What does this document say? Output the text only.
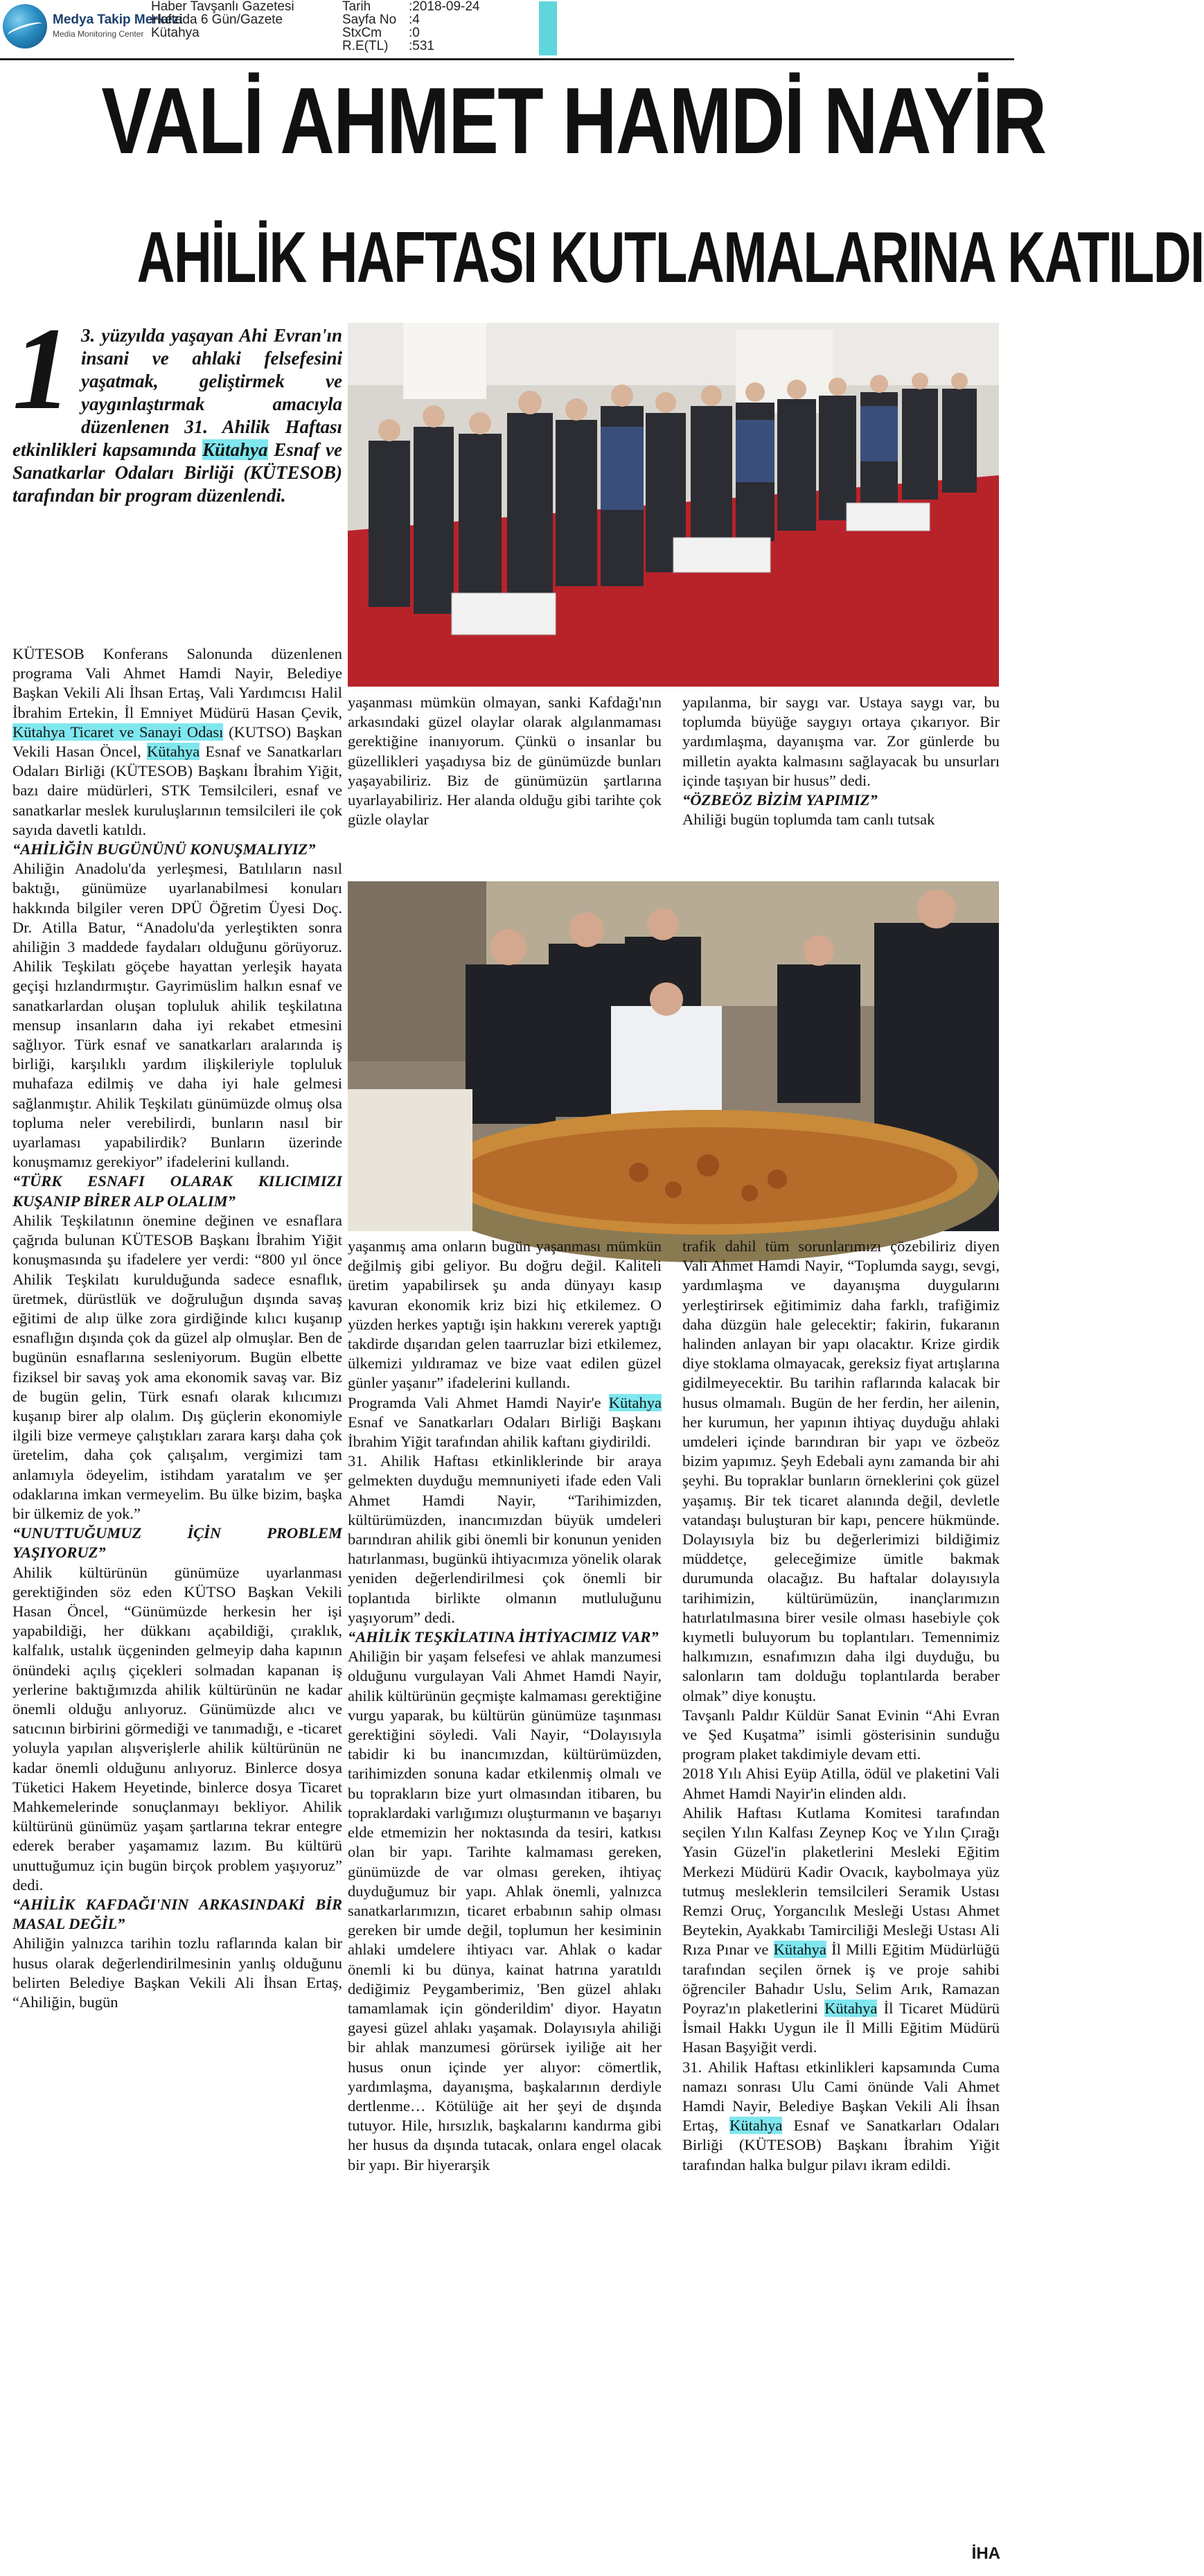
Medya Takip Merkezi
Media Monitoring Center
Haber Tavşanlı Gazetesi
Haftada 6 Gün/Gazete
Kütahya
Tarih	:2018-09-24
Sayfa No :4
StxCm :0
R.E(TL) :531
VALİ AHMET HAMDİ NAYİR
AHİLİK HAFTASI KUTLAMALARINA KATILDI
1 3. yüzyılda yaşayan Ahi Evran'ın insani ve ahlaki felsefesini yaşatmak, geliştirmek ve yaygınlaştırmak amacıyla düzenlenen 31. Ahilik Haftası etkinlikleri kapsamında Kütahya Esnaf ve Sanatkarlar Odaları Birliği (KÜTESOB) tarafından bir program düzenlendi.

KÜTESOB Konferans Salonunda düzenlenen programa Vali Ahmet Hamdi Nayir, Belediye Başkan Vekili Ali İhsan Ertaş, Vali Yardımcısı Halil İbrahim Ertekin, İl Emniyet Müdürü Hasan Çevik, Kütahya Ticaret ve Sanayi Odası (KUTSO) Başkan Vekili Hasan Öncel, Kütahya Esnaf ve Sanatkarları Odaları Birliği (KÜTESOB) Başkanı İbrahim Yiğit, bazı daire müdürleri, STK Temsilcileri, esnaf ve sanatkarlar meslek kuruluşlarının temsilcileri ile çok sayıda davetli katıldı.

“AHİLİĞİN BUGÜNÜNÜ KONUŞMALIYIZ”

Ahiliğin Anadolu'da yerleşmesi, Batılıların nasıl baktığı, günümüze uyarlanabilmesi konuları hakkında bilgiler veren DPÜ Öğretim Üyesi Doç. Dr. Atilla Batur, “Anadolu'da yerleştikten sonra ahiliğin 3 maddede faydaları olduğunu görüyoruz. Ahilik Teşkilatı göçebe hayattan yerleşik hayata geçişi hızlandırmıştır. Gayrimüslim halkın esnaf ve sanatkarlardan oluşan topluluk ahilik teşkilatına mensup insanların daha iyi rekabet etmesini sağlıyor. Türk esnaf ve sanatkarları aralarında iş birliği, karşılıklı yardım ilişkileriyle topluluk muhafaza edilmiş ve daha iyi hale gelmesi sağlanmıştır. Ahilik Teşkilatı günümüzde olmuş olsa topluma neler verebilirdi, bunların nasıl bir uyarlaması yapabilirdik? Bunların üzerinde konuşmamız gerekiyor” ifadelerini kullandı.

“TÜRK ESNAFI OLARAK KILICIMIZI KUŞANIP BİRER ALP OLALIM”

Ahilik Teşkilatının önemine değinen ve esnaflara çağrıda bulunan KÜTESOB Başkanı İbrahim Yiğit konuşmasında şu ifadelere yer verdi: “800 yıl önce Ahilik Teşkilatı kurulduğunda sadece esnaflık, üretmek, dürüstlük ve doğruluğun dışında savaş eğitimi de alıp ülke zora girdiğinde kılıcı kuşanıp esnaflığın dışında çok da güzel alp olmuşlar. Ben de bugünün esnaflarına sesleniyorum. Bugün elbette fiziksel bir savaş yok ama ekonomik savaş var. Biz de bugün gelin, Türk esnafı olarak kılıcımızı kuşanıp birer alp olalım. Dış güçlerin ekonomiyle ilgili bize vermeye çalıştıkları zarara karşı daha çok üretelim, daha çok çalışalım, vergimizi tam anlamıyla ödeyelim, istihdam yaratalım ve şer odaklarına imkan vermeyelim. Bu ülke bizim, başka bir ülkemiz de yok.”

“UNUTTUĞUMUZ İÇİN PROBLEM YAŞIYORUZ”

Ahilik kültürünün günümüze uyarlanması gerektiğinden söz eden KÜTSO Başkan Vekili Hasan Öncel, “Günümüzde herkesin her işi yapabildiği, her dükkanı açabildiği, çıraklık, kalfalık, ustalık üçgeninden gelmeyip daha kapının önündeki açılış çiçekleri solmadan kapanan iş yerlerine baktığımızda ahilik kültürünün ne kadar önemli olduğu anlıyoruz. Günümüzde alıcı ve satıcının birbirini görmediği ve tanımadığı, e -ticaret yoluyla yapılan alışverişlerle ahilik kültürünün ne kadar önemli olduğunu anlıyoruz. Binlerce dosya Tüketici Hakem Heyetinde, binlerce dosya Ticaret Mahkemelerinde sonuçlanmayı bekliyor. Ahilik kültürünü günümüz yaşam şartlarına tekrar entegre ederek beraber yaşamamız lazım. Bu kültürü unuttuğumuz için bugün birçok problem yaşıyoruz” dedi.

“AHİLİK KAFDAĞI'NIN ARKASINDAKİ BİR MASAL DEĞİL”

Ahiliğin yalnızca tarihin tozlu raflarında kalan bir husus olarak değerlendirilmesinin yanlış olduğunu belirten Belediye Başkan Vekili Ali İhsan Ertaş, “Ahiliğin, bugün

yaşanması mümkün olmayan, sanki Kafdağı'nın arkasındaki güzel olaylar olarak algılanmaması gerektiğine inanıyorum. Çünkü o insanlar bu güzellikleri yaşadıysa biz de günümüzde bunları yaşayabiliriz. Biz de günümüzün şartlarına uyarlayabiliriz. Her alanda olduğu gibi tarihte çok güzle olaylar

yapılanma, bir saygı var. Ustaya saygı var, bu toplumda büyüğe saygıyı ortaya çıkarıyor. Bir yardımlaşma, dayanışma var. Zor günlerde bu milletin ayakta kalmasını sağlayacak bu unsurları içinde taşıyan bir husus” dedi.

“ÖZBEÖZ BİZİM YAPIMIZ”

Ahiliği bugün toplumda tam canlı tutsak

yaşanmış ama onların bugün yaşanması mümkün değilmiş gibi geliyor. Bu doğru değil. Kaliteli üretim yapabilirsek şu anda dünyayı kasıp kavuran ekonomik kriz bizi hiç etkilemez. O yüzden herkes yaptığı işin hakkını vererek yaptığı takdirde dışarıdan gelen taarruzlar bizi etkilemez, ülkemizi yıldıramaz ve bize vaat edilen güzel günler yaşanır” ifadelerini kullandı.

Programda Vali Ahmet Hamdi Nayir'e Kütahya Esnaf ve Sanatkarları Odaları Birliği Başkanı İbrahim Yiğit tarafından ahilik kaftanı giydirildi.

31. Ahilik Haftası etkinliklerinde bir araya gelmekten duyduğu memnuniyeti ifade eden Vali Ahmet Hamdi Nayir, “Tarihimizden, kültürümüzden, inancımızdan büyük umdeleri barındıran ahilik gibi önemli bir konunun yeniden hatırlanması, bugünkü ihtiyacımıza yönelik olarak yeniden değerlendirilmesi çok önemli bir toplantıda birlikte olmanın mutluluğunu yaşıyorum” dedi.

“AHİLİK TEŞKİLATINA İHTİYACIMIZ VAR”

Ahiliğin bir yaşam felsefesi ve ahlak manzumesi olduğunu vurgulayan Vali Ahmet Hamdi Nayir, ahilik kültürünün geçmişte kalmaması gerektiğine vurgu yaparak, bu kültürün günümüze taşınması gerektiğini söyledi. Vali Nayir, “Dolayısıyla tabidir ki bu inancımızdan, kültürümüzden, tarihimizden sonuna kadar etkilenmiş olmalı ve bu toprakların bize yurt olmasından itibaren, bu topraklardaki varlığımızı oluşturmanın ve başarıyı elde etmemizin her noktasında da tesiri, katkısı olan bir yapı. Tarihte kalmaması gereken, günümüzde de var olması gereken, ihtiyaç duyduğumuz bir yapı. Ahlak önemli, yalnızca sanatkarlarımızın, ticaret erbabının sahip olması gereken bir umde değil, toplumun her kesiminin ahlaki umdelere ihtiyacı var. Ahlak o kadar önemli ki bu dünya, kainat hatrına yaratıldı dediğimiz Peygamberimiz, 'Ben güzel ahlakı tamamlamak için gönderildim' diyor. Hayatın gayesi güzel ahlakı yaşamak. Dolayısıyla ahiliği bir ahlak manzumesi görürsek iyiliğe ait her husus onun içinde yer alıyor: cömertlik, yardımlaşma, dayanışma, başkalarının derdiyle dertlenme… Kötülüğe ait her şeyi de dışında tutuyor. Hile, hırsızlık, başkalarını kandırma gibi her husus da dışında tutacak, onlara engel olacak bir yapı. Bir hiyerarşik

trafik dahil tüm sorunlarımızı çözebiliriz diyen Vali Ahmet Hamdi Nayir, “Toplumda saygı, sevgi, yardımlaşma ve dayanışma duygularını yerleştirirsek eğitimimiz daha farklı, trafiğimiz daha düzgün hale gelecektir; fakirin, fukaranın halinden anlayan bir yapı olacaktır. Krize girdik diye stoklama olmayacak, gereksiz fiyat artışlarına gidilmeyecektir. Bu tarihin raflarında kalacak bir husus olmamalı. Bugün de her ferdin, her ailenin, her kurumun, her yapının ihtiyaç duyduğu ahlaki umdeleri içinde barındıran bir yapı ve özbeöz bizim yapımız. Şeyh Edebali aynı zamanda bir ahi şeyhi. Bu topraklar bunların örneklerini çok güzel yaşamış. Bir tek ticaret alanında değil, devletle vatandaşı buluşturan bir kapı, pencere hükmünde. Dolayısıyla biz bu değerlerimizi bildiğimiz müddetçe, geleceğimize ümitle bakmak durumunda olacağız. Bu haftalar dolayısıyla tarihimizin, kültürümüzün, inançlarımızın hatırlatılmasına birer vesile olması hasebiyle çok kıymetli buluyorum bu toplantıları. Temennimiz halkımızın, esnafımızın daha ilgi duyduğu, bu salonların tam dolduğu toplantılarda beraber olmak” diye konuştu.

Tavşanlı Paldır Küldür Sanat Evinin “Ahi Evran ve Şed Kuşatma” isimli gösterisinin sunduğu program plaket takdimiyle devam etti.

2018 Yılı Ahisi Eyüp Atilla, ödül ve plaketini Vali Ahmet Hamdi Nayir'in elinden aldı.

Ahilik Haftası Kutlama Komitesi tarafından seçilen Yılın Kalfası Zeynep Koç ve Yılın Çırağı Yasin Güzel'in plaketlerini Mesleki Eğitim Merkezi Müdürü Kadir Ovacık, kaybolmaya yüz tutmuş mesleklerin temsilcileri Seramik Ustası Remzi Oruç, Yorgancılık Mesleği Ustası Ahmet Beytekin, Ayakkabı Tamirciliği Mesleği Ustası Ali Rıza Pınar ve Kütahya İl Milli Eğitim Müdürlüğü tarafından seçilen örnek iş ve proje sahibi öğrenciler Bahadır Uslu, Selim Arık, Ramazan Poyraz'ın plaketlerini Kütahya İl Ticaret Müdürü İsmail Hakkı Uygun ile İl Milli Eğitim Müdürü Hasan Başyiğit verdi.

31. Ahilik Haftası etkinlikleri kapsamında Cuma namazı sonrası Ulu Cami önünde Vali Ahmet Hamdi Nayir, Belediye Başkan Vekili Ali İhsan Ertaş, Kütahya Esnaf ve Sanatkarları Odaları Birliği (KÜTESOB) Başkanı İbrahim Yiğit tarafından halka bulgur pilavı ikram edildi.

İHA
